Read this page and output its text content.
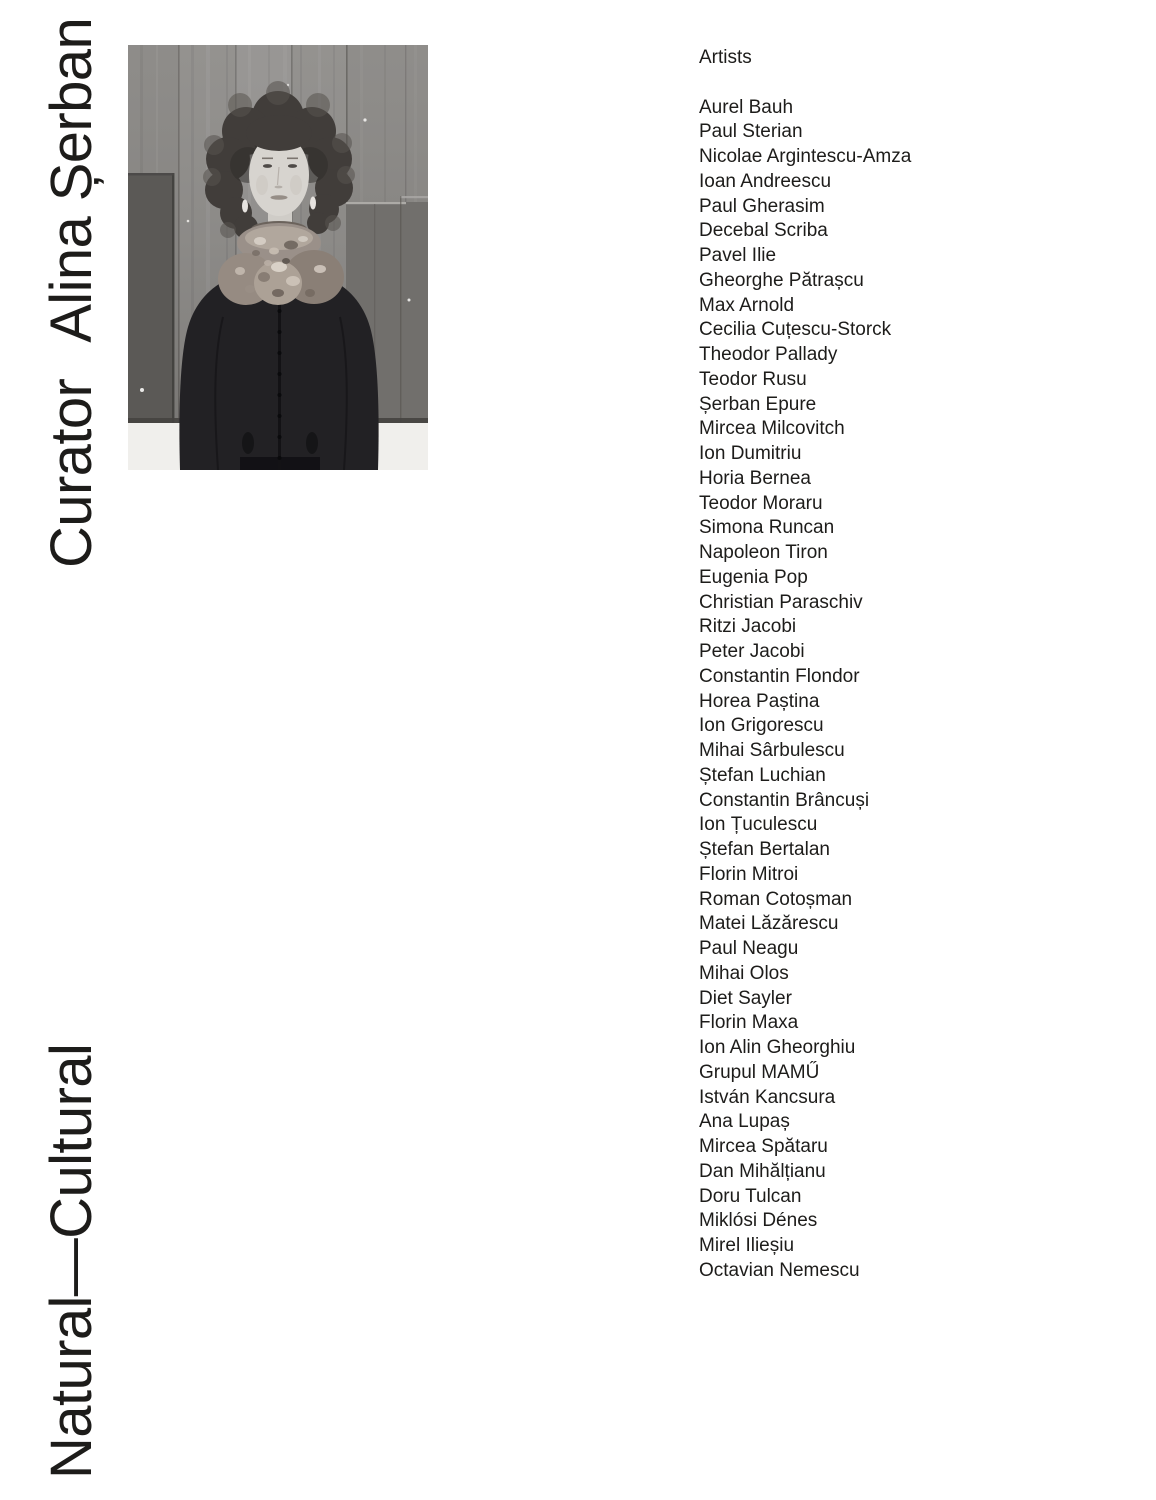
CuratorAlina Șerban
Natural—Cultural
Artists
Aurel Bauh
Paul Sterian
Nicolae Argintescu-Amza
Ioan Andreescu
Paul Gherasim
Decebal Scriba
Pavel Ilie
Gheorghe Pătrașcu
Max Arnold
Cecilia Cuțescu-Storck
Theodor Pallady
Teodor Rusu
Șerban Epure
Mircea Milcovitch
Ion Dumitriu
Horia Bernea
Teodor Moraru
Simona Runcan
Napoleon Tiron
Eugenia Pop
Christian Paraschiv
Ritzi Jacobi
Peter Jacobi
Constantin Flondor
Horea Paștina
Ion Grigorescu
Mihai Sârbulescu
Ștefan Luchian
Constantin Brâncuși
Ion Țuculescu
Ștefan Bertalan
Florin Mitroi
Roman Cotoșman
Matei Lăzărescu
Paul Neagu
Mihai Olos
Diet Sayler
Florin Maxa
Ion Alin Gheorghiu
Grupul MAMŰ
István Kancsura
Ana Lupaș
Mircea Spătaru
Dan Mihălțianu
Doru Tulcan
Miklósi Dénes
Mirel Ilieșiu
Octavian Nemescu
